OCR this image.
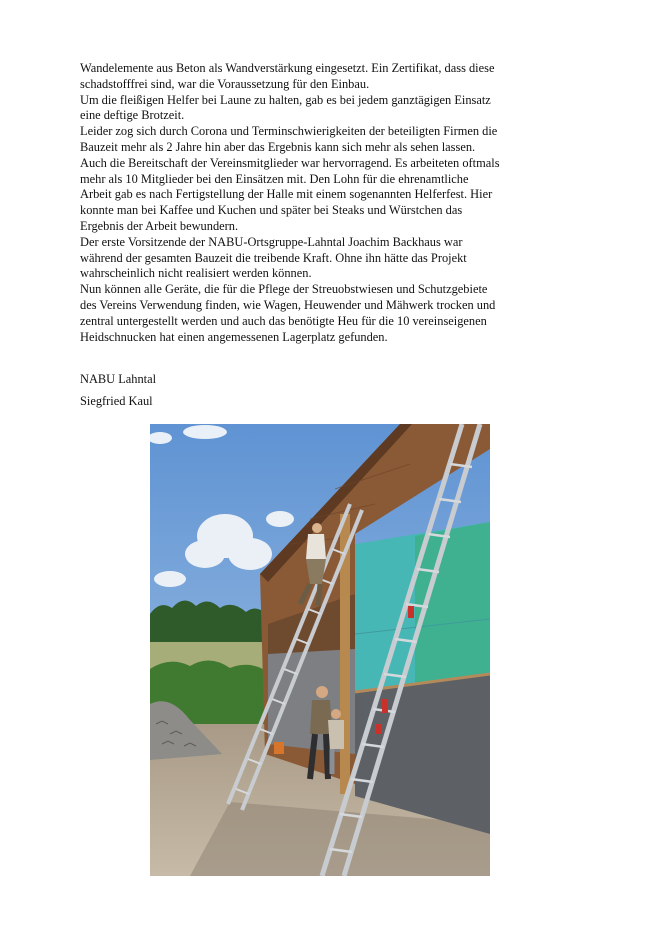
Wandelemente aus Beton als Wandverstärkung eingesetzt. Ein Zertifikat, dass diese schadstofffrei sind, war die Voraussetzung für den Einbau.

Um die fleißigen Helfer bei Laune zu halten, gab es bei jedem ganztägigen Einsatz eine deftige Brotzeit.

Leider zog sich durch Corona und Terminschwierigkeiten der beteiligten Firmen die Bauzeit mehr als 2 Jahre hin aber das Ergebnis kann sich mehr als sehen lassen. Auch die Bereitschaft der Vereinsmitglieder war hervorragend. Es arbeiteten oftmals mehr als 10 Mitglieder bei den Einsätzen mit. Den Lohn für die ehrenamtliche Arbeit gab es nach Fertigstellung der Halle mit einem sogenannten Helferfest. Hier konnte man bei Kaffee und Kuchen und später bei Steaks und Würstchen das Ergebnis der Arbeit bewundern.

Der erste Vorsitzende der NABU-Ortsgruppe-Lahntal Joachim Backhaus war während der gesamten Bauzeit die treibende Kraft. Ohne ihn hätte das Projekt wahrscheinlich nicht realisiert werden können.

Nun können alle Geräte, die für die Pflege der Streuobstwiesen und Schutzgebiete des Vereins Verwendung finden, wie Wagen, Heuwender und Mähwerk trocken und zentral untergestellt werden und auch das benötigte Heu für die 10 vereinseigenen Heidschnucken hat einen angemessenen Lagerplatz gefunden.

NABU Lahntal
Siegfried Kaul
